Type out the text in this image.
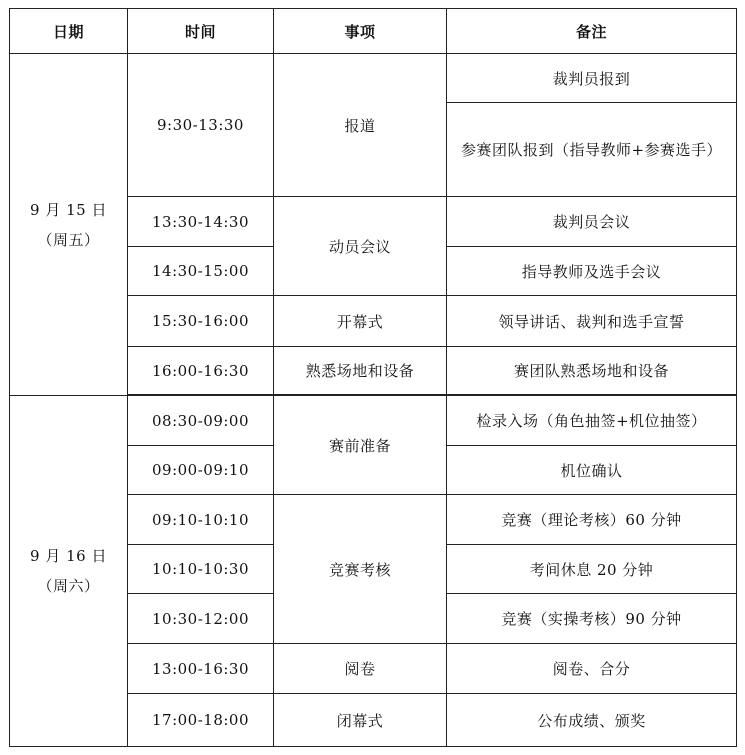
日期	时间	事项	备注

9 月 15 日
（周五）	9:30-13:30	报道	裁判员报到
			参赛团队报到（指导教师+参赛选手）
	13:30-14:30	动员会议	裁判员会议
	14:30-15:00		指导教师及选手会议
	15:30-16:00	开幕式	领导讲话、裁判和选手宣誓
	16:00-16:30	熟悉场地和设备	赛团队熟悉场地和设备

9 月 16 日
（周六）	08:30-09:00	赛前准备	检录入场（角色抽签+机位抽签）
	09:00-09:10		机位确认
	09:10-10:10	竞赛考核	竞赛（理论考核）60 分钟
	10:10-10:30		考间休息 20 分钟
	10:30-12:00		竞赛（实操考核）90 分钟
	13:00-16:30	阅卷	阅卷、合分
	17:00-18:00	闭幕式	公布成绩、颁奖
